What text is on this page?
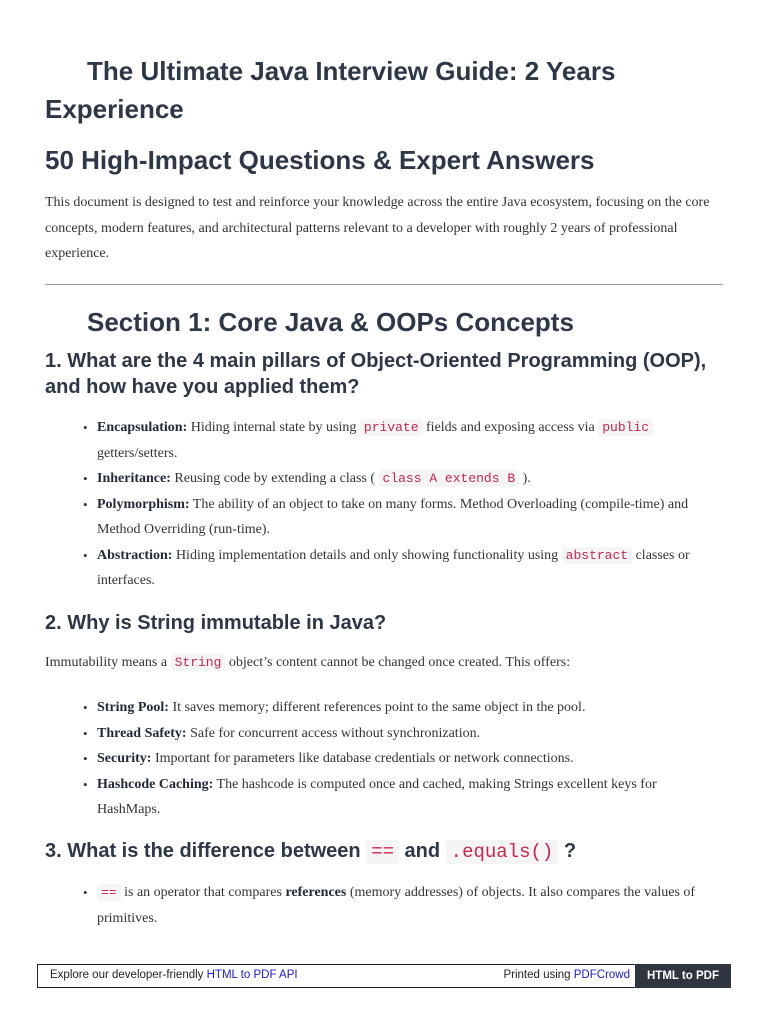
The Ultimate Java Interview Guide: 2 Years Experience
50 High-Impact Questions & Expert Answers

This document is designed to test and reinforce your knowledge across the entire Java ecosystem, focusing on the core concepts, modern features, and architectural patterns relevant to a developer with roughly 2 years of professional experience.

Section 1: Core Java & OOPs Concepts
1. What are the 4 main pillars of Object-Oriented Programming (OOP), and how have you applied them?
• Encapsulation: Hiding internal state by using private fields and exposing access via public getters/setters.
• Inheritance: Reusing code by extending a class ( class A extends B ).
• Polymorphism: The ability of an object to take on many forms. Method Overloading (compile-time) and Method Overriding (run-time).
• Abstraction: Hiding implementation details and only showing functionality using abstract classes or interfaces.
2. Why is String immutable in Java?

Immutability means a String object’s content cannot be changed once created. This offers:

• String Pool: It saves memory; different references point to the same object in the pool.
• Thread Safety: Safe for concurrent access without synchronization.
• Security: Important for parameters like database credentials or network connections.
• Hashcode Caching: The hashcode is computed once and cached, making Strings excellent keys for HashMaps.
3. What is the difference between == and .equals() ?
• == is an operator that compares references (memory addresses) of objects. It also compares the values of primitives.
Explore our developer-friendly HTML to PDF API	Printed using PDFCrowd	HTML to PDF
